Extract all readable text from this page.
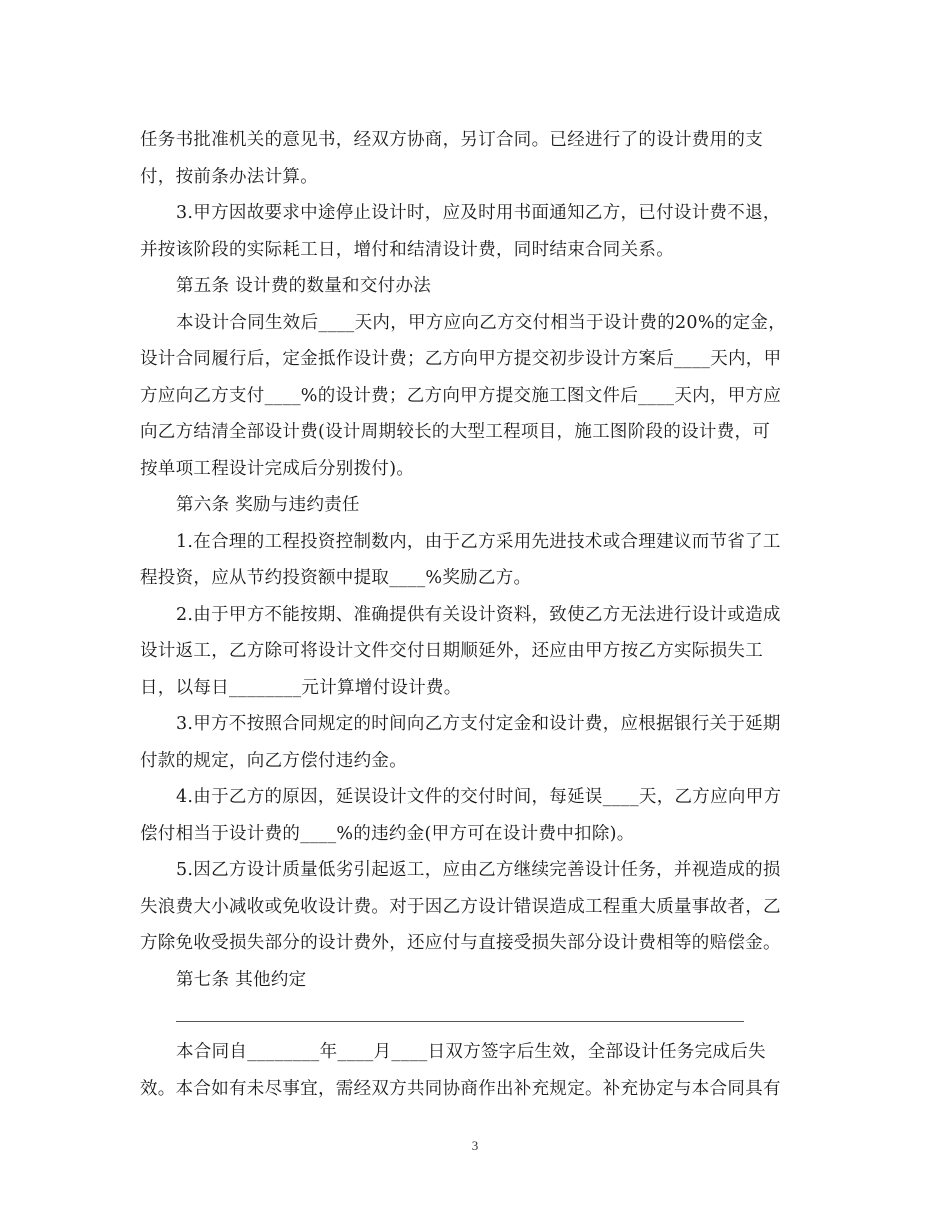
任务书批准机关的意见书，经双方协商，另订合同。已经进行了的设计费用的支
付，按前条办法计算。
3.甲方因故要求中途停止设计时，应及时用书面通知乙方，已付设计费不退，
并按该阶段的实际耗工日，增付和结清设计费，同时结束合同关系。
第五条 设计费的数量和交付办法
本设计合同生效后____天内，甲方应向乙方交付相当于设计费的20%的定金，
设计合同履行后，定金抵作设计费；乙方向甲方提交初步设计方案后____天内，甲
方应向乙方支付____%的设计费；乙方向甲方提交施工图文件后____天内，甲方应
向乙方结清全部设计费(设计周期较长的大型工程项目，施工图阶段的设计费，可
按单项工程设计完成后分别拨付)。
第六条 奖励与违约责任
1.在合理的工程投资控制数内，由于乙方采用先进技术或合理建议而节省了工
程投资，应从节约投资额中提取____%奖励乙方。
2.由于甲方不能按期、准确提供有关设计资料，致使乙方无法进行设计或造成
设计返工，乙方除可将设计文件交付日期顺延外，还应由甲方按乙方实际损失工
日，以每日________元计算增付设计费。
3.甲方不按照合同规定的时间向乙方支付定金和设计费，应根据银行关于延期
付款的规定，向乙方偿付违约金。
4.由于乙方的原因，延误设计文件的交付时间，每延误____天，乙方应向甲方
偿付相当于设计费的____%的违约金(甲方可在设计费中扣除)。
5.因乙方设计质量低劣引起返工，应由乙方继续完善设计任务，并视造成的损
失浪费大小减收或免收设计费。对于因乙方设计错误造成工程重大质量事故者，乙
方除免收受损失部分的设计费外，还应付与直接受损失部分设计费相等的赔偿金。
第七条 其他约定
本合同自________年____月____日双方签字后生效，全部设计任务完成后失
效。本合如有未尽事宜，需经双方共同协商作出补充规定。补充协定与本合同具有
3
